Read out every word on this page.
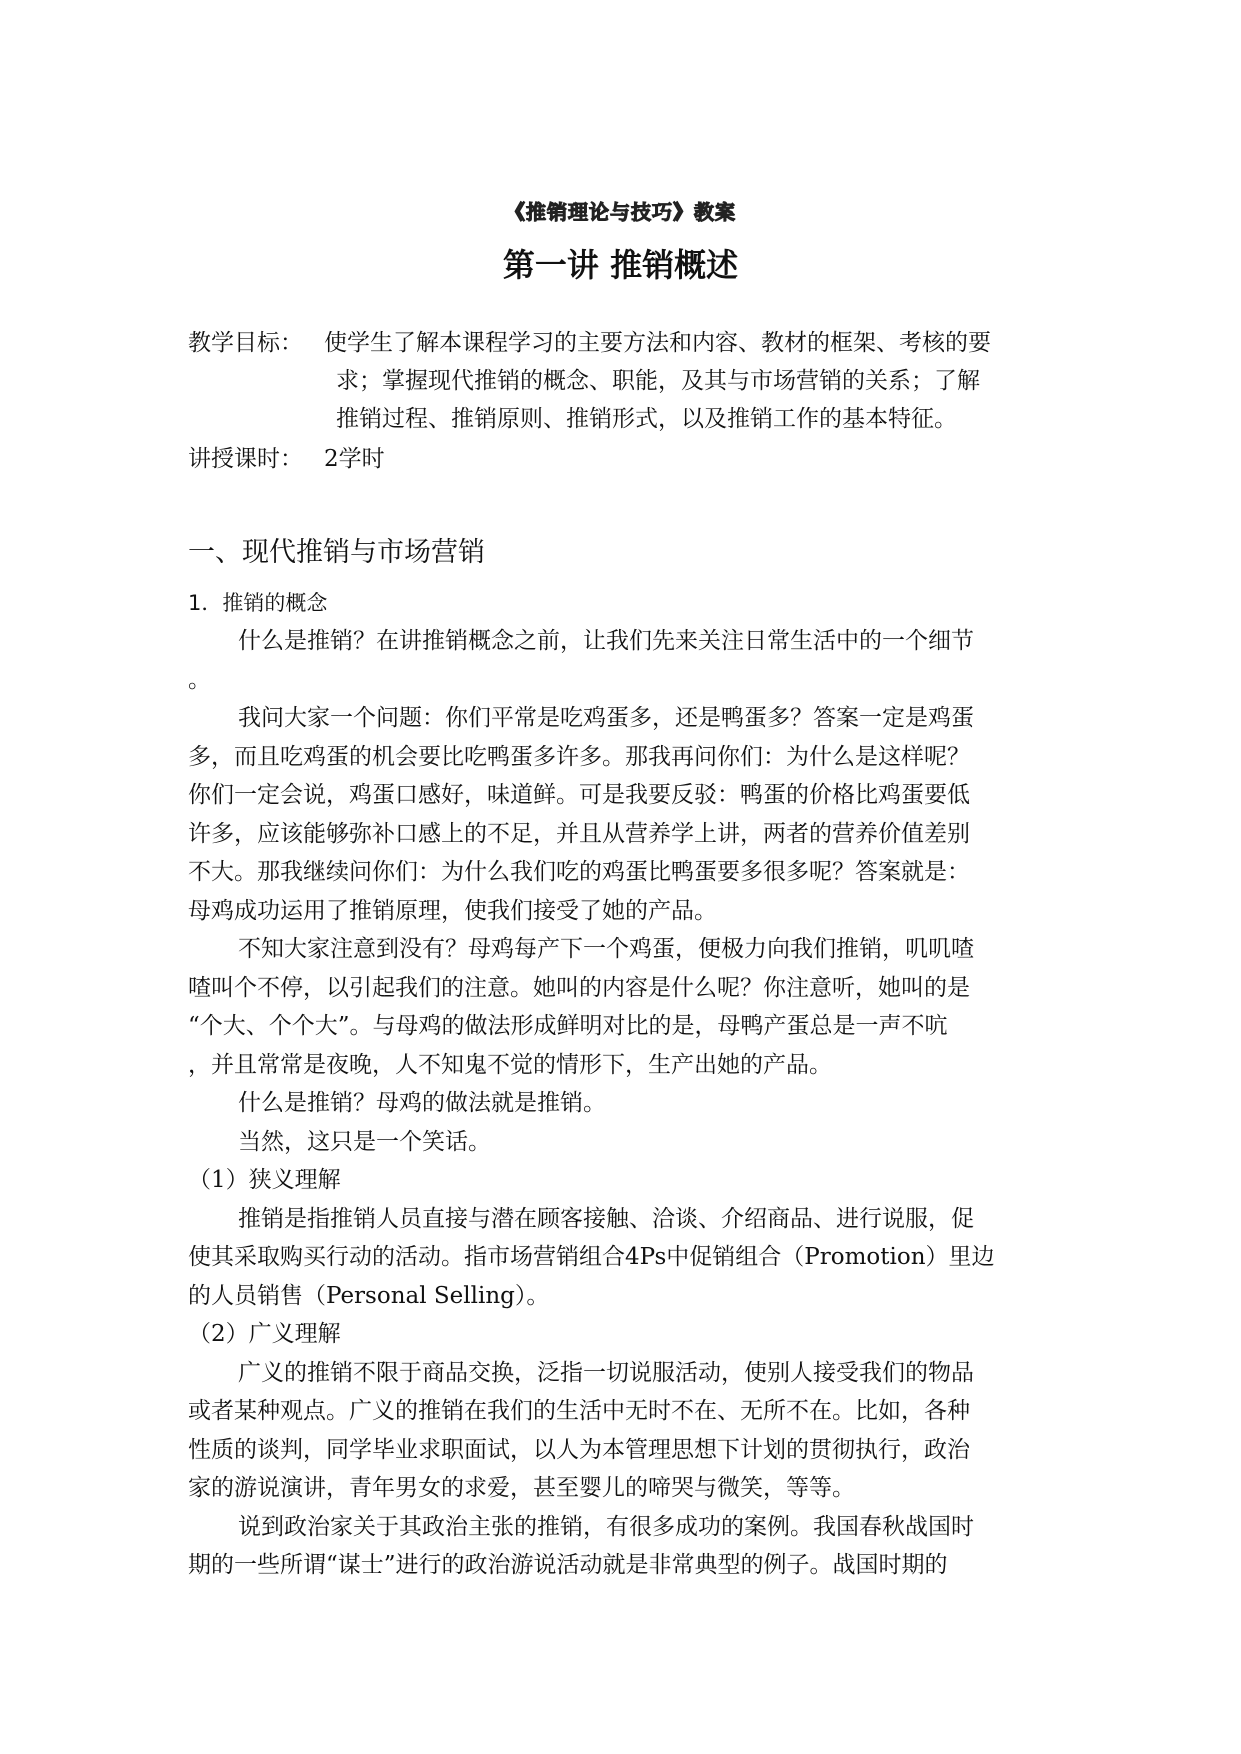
《推销理论与技巧》教案
第一讲 推销概述
教学目标： 使学生了解本课程学习的主要方法和内容、教材的框架、考核的要
求；掌握现代推销的概念、职能，及其与市场营销的关系；了解
推销过程、推销原则、推销形式，以及推销工作的基本特征。
讲授课时： 2学时
一、现代推销与市场营销
1．推销的概念
什么是推销？在讲推销概念之前，让我们先来关注日常生活中的一个细节
。
我问大家一个问题：你们平常是吃鸡蛋多，还是鸭蛋多？答案一定是鸡蛋
多，而且吃鸡蛋的机会要比吃鸭蛋多许多。那我再问你们：为什么是这样呢？
你们一定会说，鸡蛋口感好，味道鲜。可是我要反驳：鸭蛋的价格比鸡蛋要低
许多，应该能够弥补口感上的不足，并且从营养学上讲，两者的营养价值差别
不大。那我继续问你们：为什么我们吃的鸡蛋比鸭蛋要多很多呢？答案就是：
母鸡成功运用了推销原理，使我们接受了她的产品。
不知大家注意到没有？母鸡每产下一个鸡蛋，便极力向我们推销，叽叽喳
喳叫个不停，以引起我们的注意。她叫的内容是什么呢？你注意听，她叫的是
“个大、个个大”。与母鸡的做法形成鲜明对比的是，母鸭产蛋总是一声不吭
，并且常常是夜晚，人不知鬼不觉的情形下，生产出她的产品。
什么是推销？母鸡的做法就是推销。
当然，这只是一个笑话。
（1）狭义理解
推销是指推销人员直接与潜在顾客接触、洽谈、介绍商品、进行说服，促
使其采取购买行动的活动。指市场营销组合4Ps中促销组合（Promotion）里边
的人员销售（Personal Selling）。
（2）广义理解
广义的推销不限于商品交换，泛指一切说服活动，使别人接受我们的物品
或者某种观点。广义的推销在我们的生活中无时不在、无所不在。比如，各种
性质的谈判，同学毕业求职面试，以人为本管理思想下计划的贯彻执行，政治
家的游说演讲，青年男女的求爱，甚至婴儿的啼哭与微笑，等等。
说到政治家关于其政治主张的推销，有很多成功的案例。我国春秋战国时
期的一些所谓“谋士”进行的政治游说活动就是非常典型的例子。战国时期的
